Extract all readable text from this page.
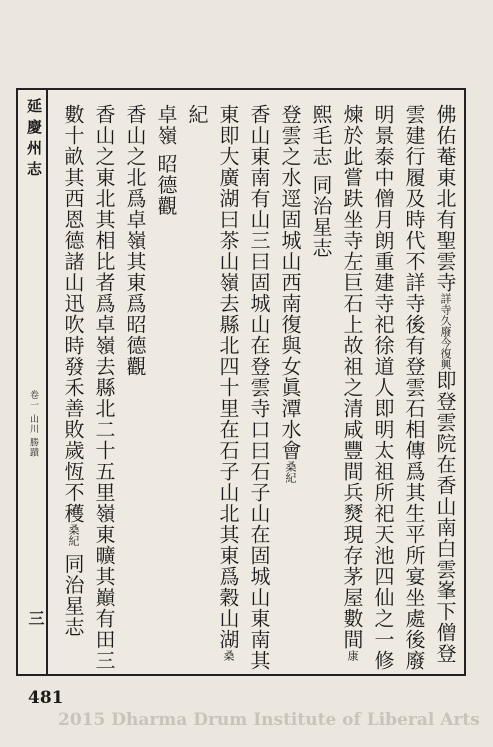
延慶州志
卷一 山川 勝蹟
三
佛佑菴東北有聖雲寺詳寺久廢今復興即登雲院在香山南白雲峯下僧登
雲建行履及時代不詳寺後有登雲石相傳爲其生平所宴坐處後廢
明景泰中僧月朗重建寺祀徐道人即明太祖所祀天池四仙之一修
煉於此嘗趺坐寺左巨石上故祖之清咸豐間兵燹現存茅屋數間康
熙毛志 同治星志
登雲之水逕固城山西南復與女眞潭水會桑紀
香山東南有山三曰固城山在登雲寺口曰石子山在固城山東南其
東即大廣湖曰茶山嶺去縣北四十里在石子山北其東爲穀山湖桑
紀
卓嶺 昭德觀
香山之北爲卓嶺其東爲昭德觀
香山之東北其相比者爲卓嶺去縣北二十五里嶺東曠其巔有田三
數十畝其西恩德諸山迅吹時發禾善敗歲恆不穫桑紀 同治星志
481
2015 Dharma Drum Institute of Liberal Arts
